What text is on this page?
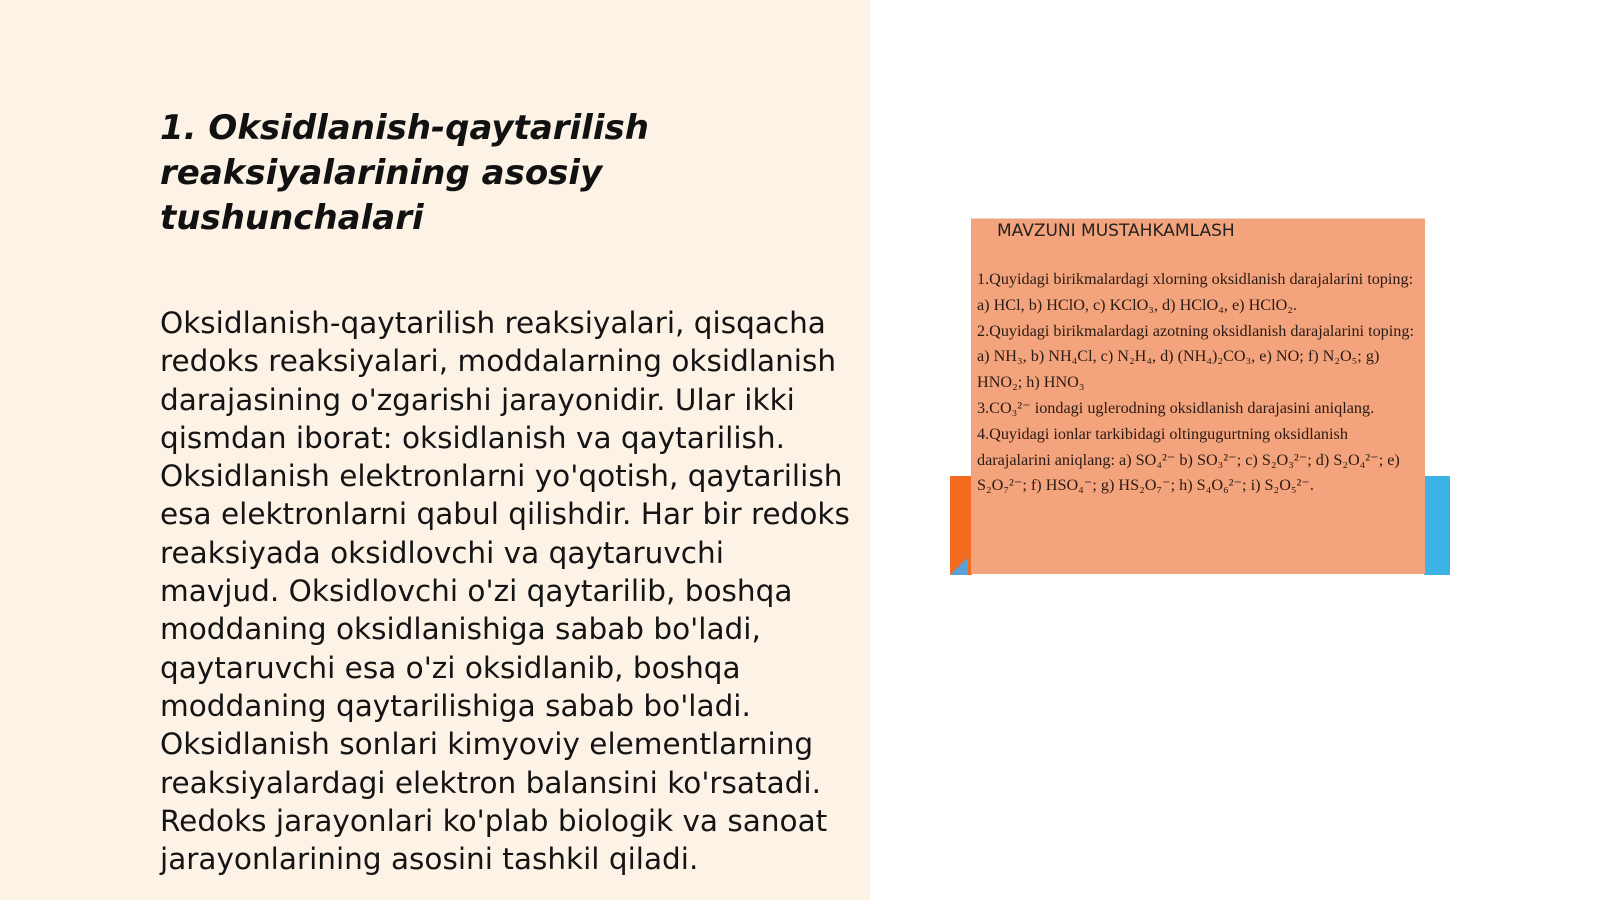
1. Oksidlanish-qaytarilish reaksiyalarining asosiy tushunchalari

Oksidlanish-qaytarilish reaksiyalari, qisqacha redoks reaksiyalari, moddalarning oksidlanish darajasining o'zgarishi jarayonidir. Ular ikki qismdan iborat: oksidlanish va qaytarilish. Oksidlanish elektronlarni yo'qotish, qaytarilish esa elektronlarni qabul qilishdir. Har bir redoks reaksiyada oksidlovchi va qaytaruvchi mavjud. Oksidlovchi o'zi qaytarilib, boshqa moddaning oksidlanishiga sabab bo'ladi, qaytaruvchi esa o'zi oksidlanib, boshqa moddaning qaytarilishiga sabab bo'ladi. Oksidlanish sonlari kimyoviy elementlarning reaksiyalardagi elektron balansini ko'rsatadi. Redoks jarayonlari ko'plab biologik va sanoat jarayonlarining asosini tashkil qiladi.

MAVZUNI MUSTAHKAMLASH

1.Quyidagi birikmalardagi xlorning oksidlanish darajalarini toping: a) HCl, b) HClO, c) KClO₃, d) HClO₄, e) HClO₂.

2.Quyidagi birikmalardagi azotning oksidlanish darajalarini toping: a) NH₃, b) NH₄Cl, c) N₂H₄, d) (NH₄)₂CO₃, e) NO; f) N₂O₅; g) HNO₂; h) HNO₃

3.CO₃²⁻ iondagi uglerodning oksidlanish darajasini aniqlang.

4.Quyidagi ionlar tarkibidagi oltingugurtning oksidlanish darajalarini aniqlang: a) SO₄²⁻ b) SO₃²⁻; c) S₂O₃²⁻; d) S₂O₄²⁻; e) S₂O₇²⁻; f) HSO₄⁻; g) HS₂O₇⁻; h) S₄O₆²⁻; i) S₂O₅²⁻.
